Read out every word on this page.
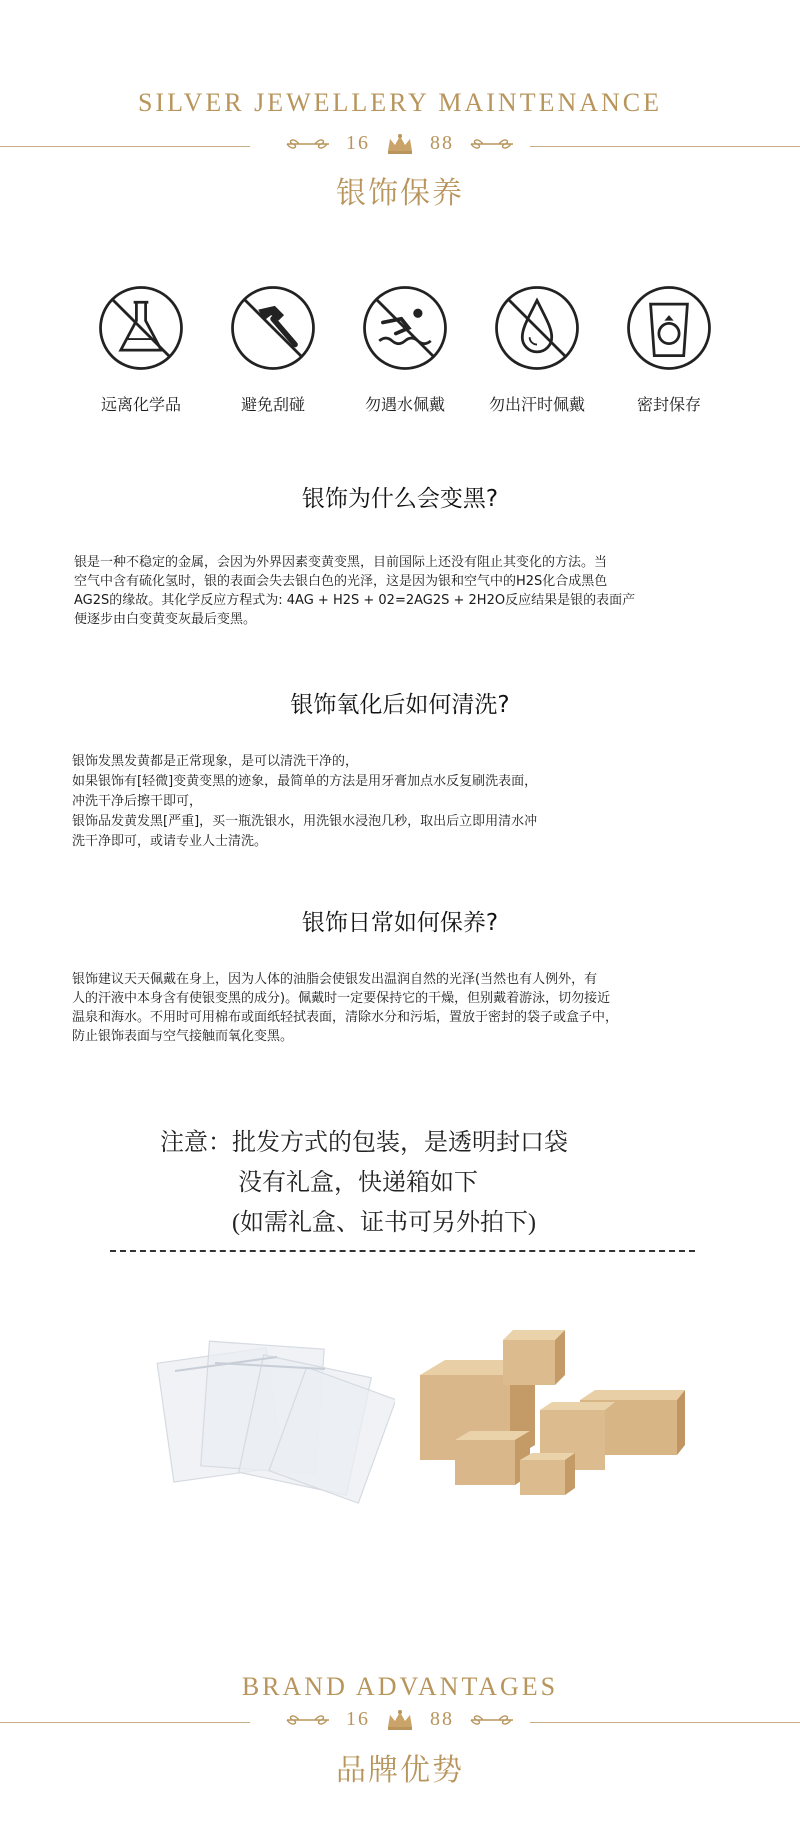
SILVER JEWELLERY MAINTENANCE
16	88
银饰保养
远离化学品	避免刮碰	勿遇水佩戴	勿出汗时佩戴	密封保存
银饰为什么会变黑?
银是一种不稳定的金属，会因为外界因素变黄变黑，目前国际上还没有阻止其变化的方法。当
空气中含有硫化氢时，银的表面会失去银白色的光泽，这是因为银和空气中的H2S化合成黑色
AG2S的缘故。其化学反应方程式为: 4AG + H2S + 02=2AG2S + 2H2O反应结果是银的表面产
便逐步由白变黄变灰最后变黑。
银饰氧化后如何清洗?
银饰发黑发黄都是正常现象，是可以清洗干净的，
如果银饰有[轻微]变黄变黑的迹象，最简单的方法是用牙膏加点水反复刷洗表面，
冲洗干净后擦干即可，
银饰品发黄发黑[严重]，买一瓶洗银水，用洗银水浸泡几秒，取出后立即用清水冲
洗干净即可，或请专业人士清洗。
银饰日常如何保养?
银饰建议天天佩戴在身上，因为人体的油脂会使银发出温润自然的光泽(当然也有人例外，有
人的汗液中本身含有使银变黑的成分)。佩戴时一定要保持它的干燥，但别戴着游泳，切勿接近
温泉和海水。不用时可用棉布或面纸轻拭表面，清除水分和污垢，置放于密封的袋子或盒子中，
防止银饰表面与空气接触而氧化变黑。
注意：批发方式的包装，是透明封口袋
没有礼盒，快递箱如下
(如需礼盒、证书可另外拍下)
BRAND ADVANTAGES
16	88
品牌优势
